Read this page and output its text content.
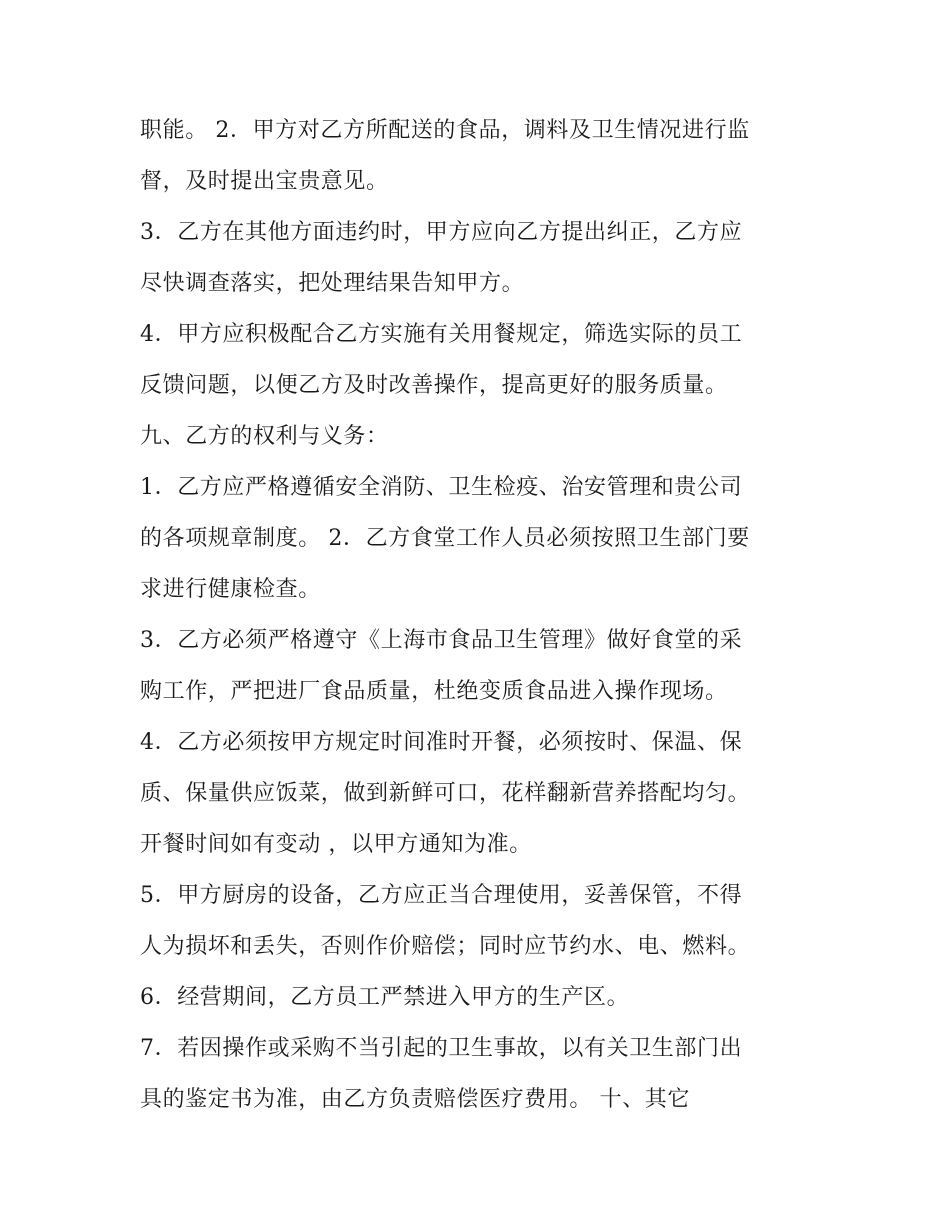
职能。 2．甲方对乙方所配送的食品，调料及卫生情况进行监
督，及时提出宝贵意见。
3．乙方在其他方面违约时，甲方应向乙方提出纠正，乙方应
尽快调查落实，把处理结果告知甲方。
4．甲方应积极配合乙方实施有关用餐规定，筛选实际的员工
反馈问题，以便乙方及时改善操作，提高更好的服务质量。
九、乙方的权利与义务：
1．乙方应严格遵循安全消防、卫生检疫、治安管理和贵公司
的各项规章制度。 2．乙方食堂工作人员必须按照卫生部门要
求进行健康检查。
3．乙方必须严格遵守《上海市食品卫生管理》做好食堂的采
购工作，严把进厂食品质量，杜绝变质食品进入操作现场。
4．乙方必须按甲方规定时间准时开餐，必须按时、保温、保
质、保量供应饭菜，做到新鲜可口，花样翻新营养搭配均匀。
开餐时间如有变动 ，以甲方通知为准。
5．甲方厨房的设备，乙方应正当合理使用，妥善保管，不得
人为损坏和丢失，否则作价赔偿；同时应节约水、电、燃料。
6．经营期间，乙方员工严禁进入甲方的生产区。
7．若因操作或采购不当引起的卫生事故，以有关卫生部门出
具的鉴定书为准，由乙方负责赔偿医疗费用。 十、其它
